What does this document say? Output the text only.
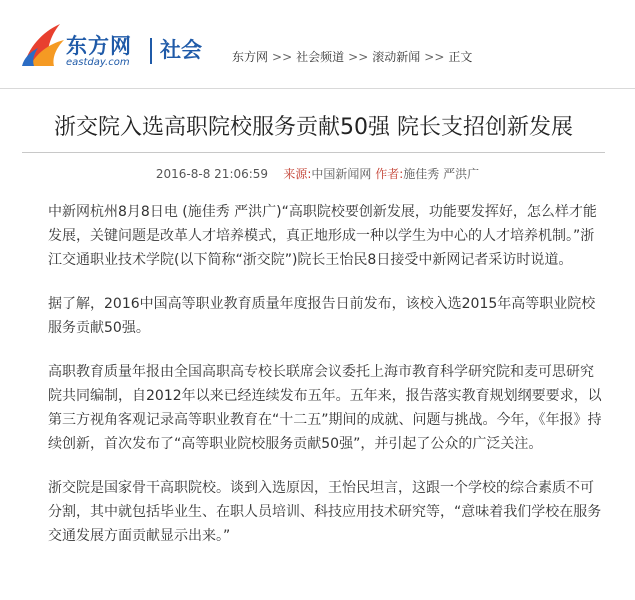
东方网
eastday.com
社会	东方网 >> 社会频道 >> 滚动新闻 >> 正文
浙交院入选高职院校服务贡献50强 院长支招创新发展
2016-8-8 21:06:59 来源:中国新闻网 作者:施佳秀 严洪广

中新网杭州8月8日电 (施佳秀 严洪广)“高职院校要创新发展，功能要发挥好，怎么样才能发展，关键问题是改革人才培养模式，真正地形成一种以学生为中心的人才培养机制。”浙江交通职业技术学院(以下简称“浙交院”)院长王怡民8日接受中新网记者采访时说道。

据了解，2016中国高等职业教育质量年度报告日前发布，该校入选2015年高等职业院校服务贡献50强。

高职教育质量年报由全国高职高专校长联席会议委托上海市教育科学研究院和麦可思研究院共同编制，自2012年以来已经连续发布五年。五年来，报告落实教育规划纲要要求，以第三方视角客观记录高等职业教育在“十二五”期间的成就、问题与挑战。今年，《年报》持续创新，首次发布了“高等职业院校服务贡献50强”，并引起了公众的广泛关注。

浙交院是国家骨干高职院校。谈到入选原因，王怡民坦言，这跟一个学校的综合素质不可分割，其中就包括毕业生、在职人员培训、科技应用技术研究等，“意味着我们学校在服务交通发展方面贡献显示出来。”
